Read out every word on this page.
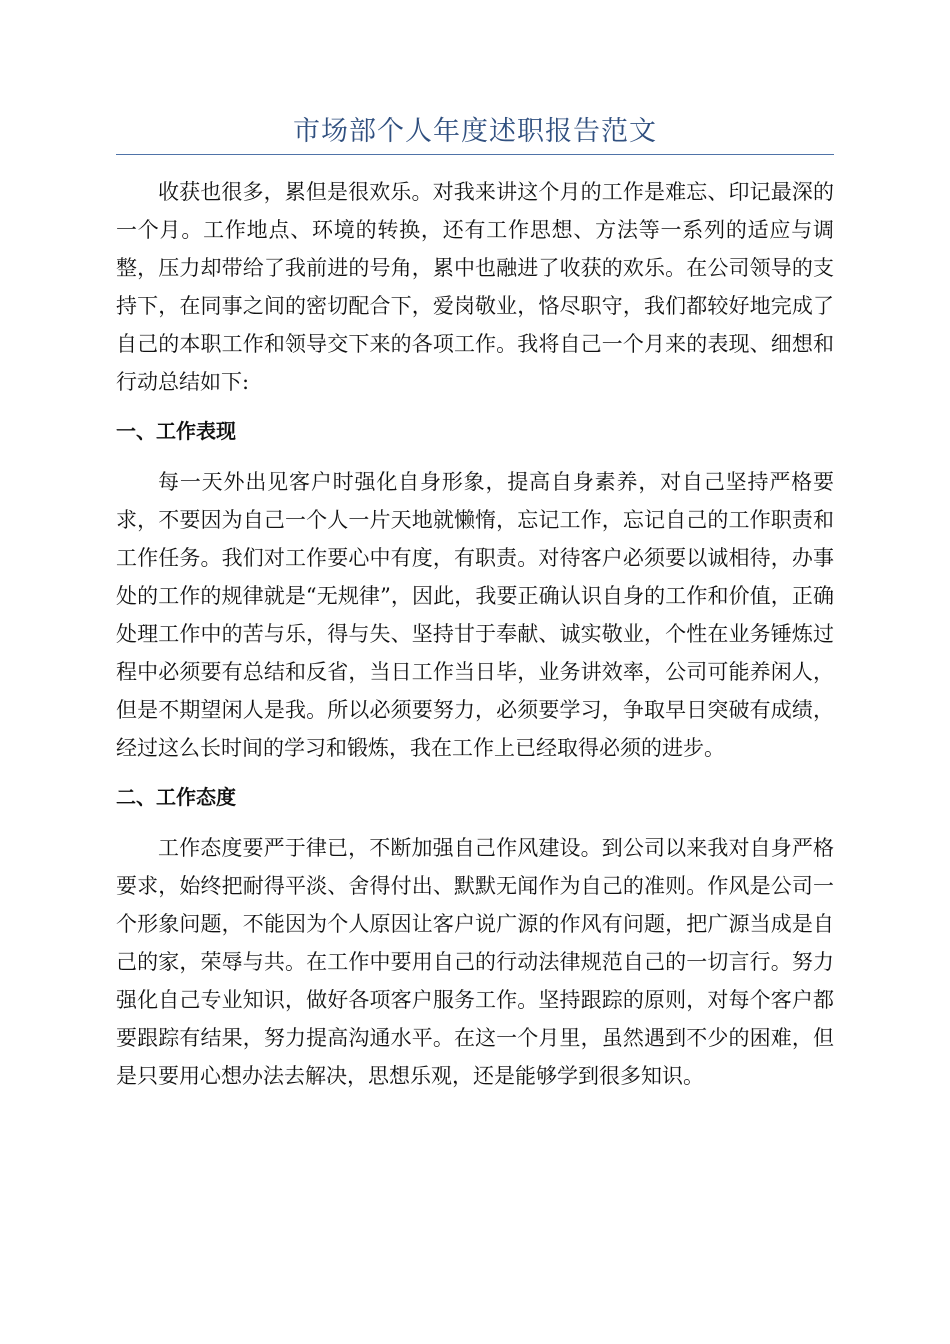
市场部个人年度述职报告范文

收获也很多，累但是很欢乐。对我来讲这个月的工作是难忘、印记最深的一个月。工作地点、环境的转换，还有工作思想、方法等一系列的适应与调整，压力却带给了我前进的号角，累中也融进了收获的欢乐。在公司领导的支持下，在同事之间的密切配合下，爱岗敬业，恪尽职守，我们都较好地完成了自己的本职工作和领导交下来的各项工作。我将自己一个月来的表现、细想和行动总结如下:

一、工作表现

每一天外出见客户时强化自身形象，提高自身素养，对自己坚持严格要求，不要因为自己一个人一片天地就懒惰，忘记工作，忘记自己的工作职责和工作任务。我们对工作要心中有度，有职责。对待客户必须要以诚相待，办事处的工作的规律就是“无规律”，因此，我要正确认识自身的工作和价值，正确处理工作中的苦与乐，得与失、坚持甘于奉献、诚实敬业，个性在业务锤炼过程中必须要有总结和反省，当日工作当日毕，业务讲效率，公司可能养闲人，但是不期望闲人是我。所以必须要努力，必须要学习，争取早日突破有成绩，经过这么长时间的学习和锻炼，我在工作上已经取得必须的进步。

二、工作态度

工作态度要严于律已，不断加强自己作风建设。到公司以来我对自身严格要求，始终把耐得平淡、舍得付出、默默无闻作为自己的准则。作风是公司一个形象问题，不能因为个人原因让客户说广源的作风有问题，把广源当成是自己的家，荣辱与共。在工作中要用自己的行动法律规范自己的一切言行。努力强化自己专业知识，做好各项客户服务工作。坚持跟踪的原则，对每个客户都要跟踪有结果，努力提高沟通水平。在这一个月里，虽然遇到不少的困难，但是只要用心想办法去解决，思想乐观，还是能够学到很多知识。
